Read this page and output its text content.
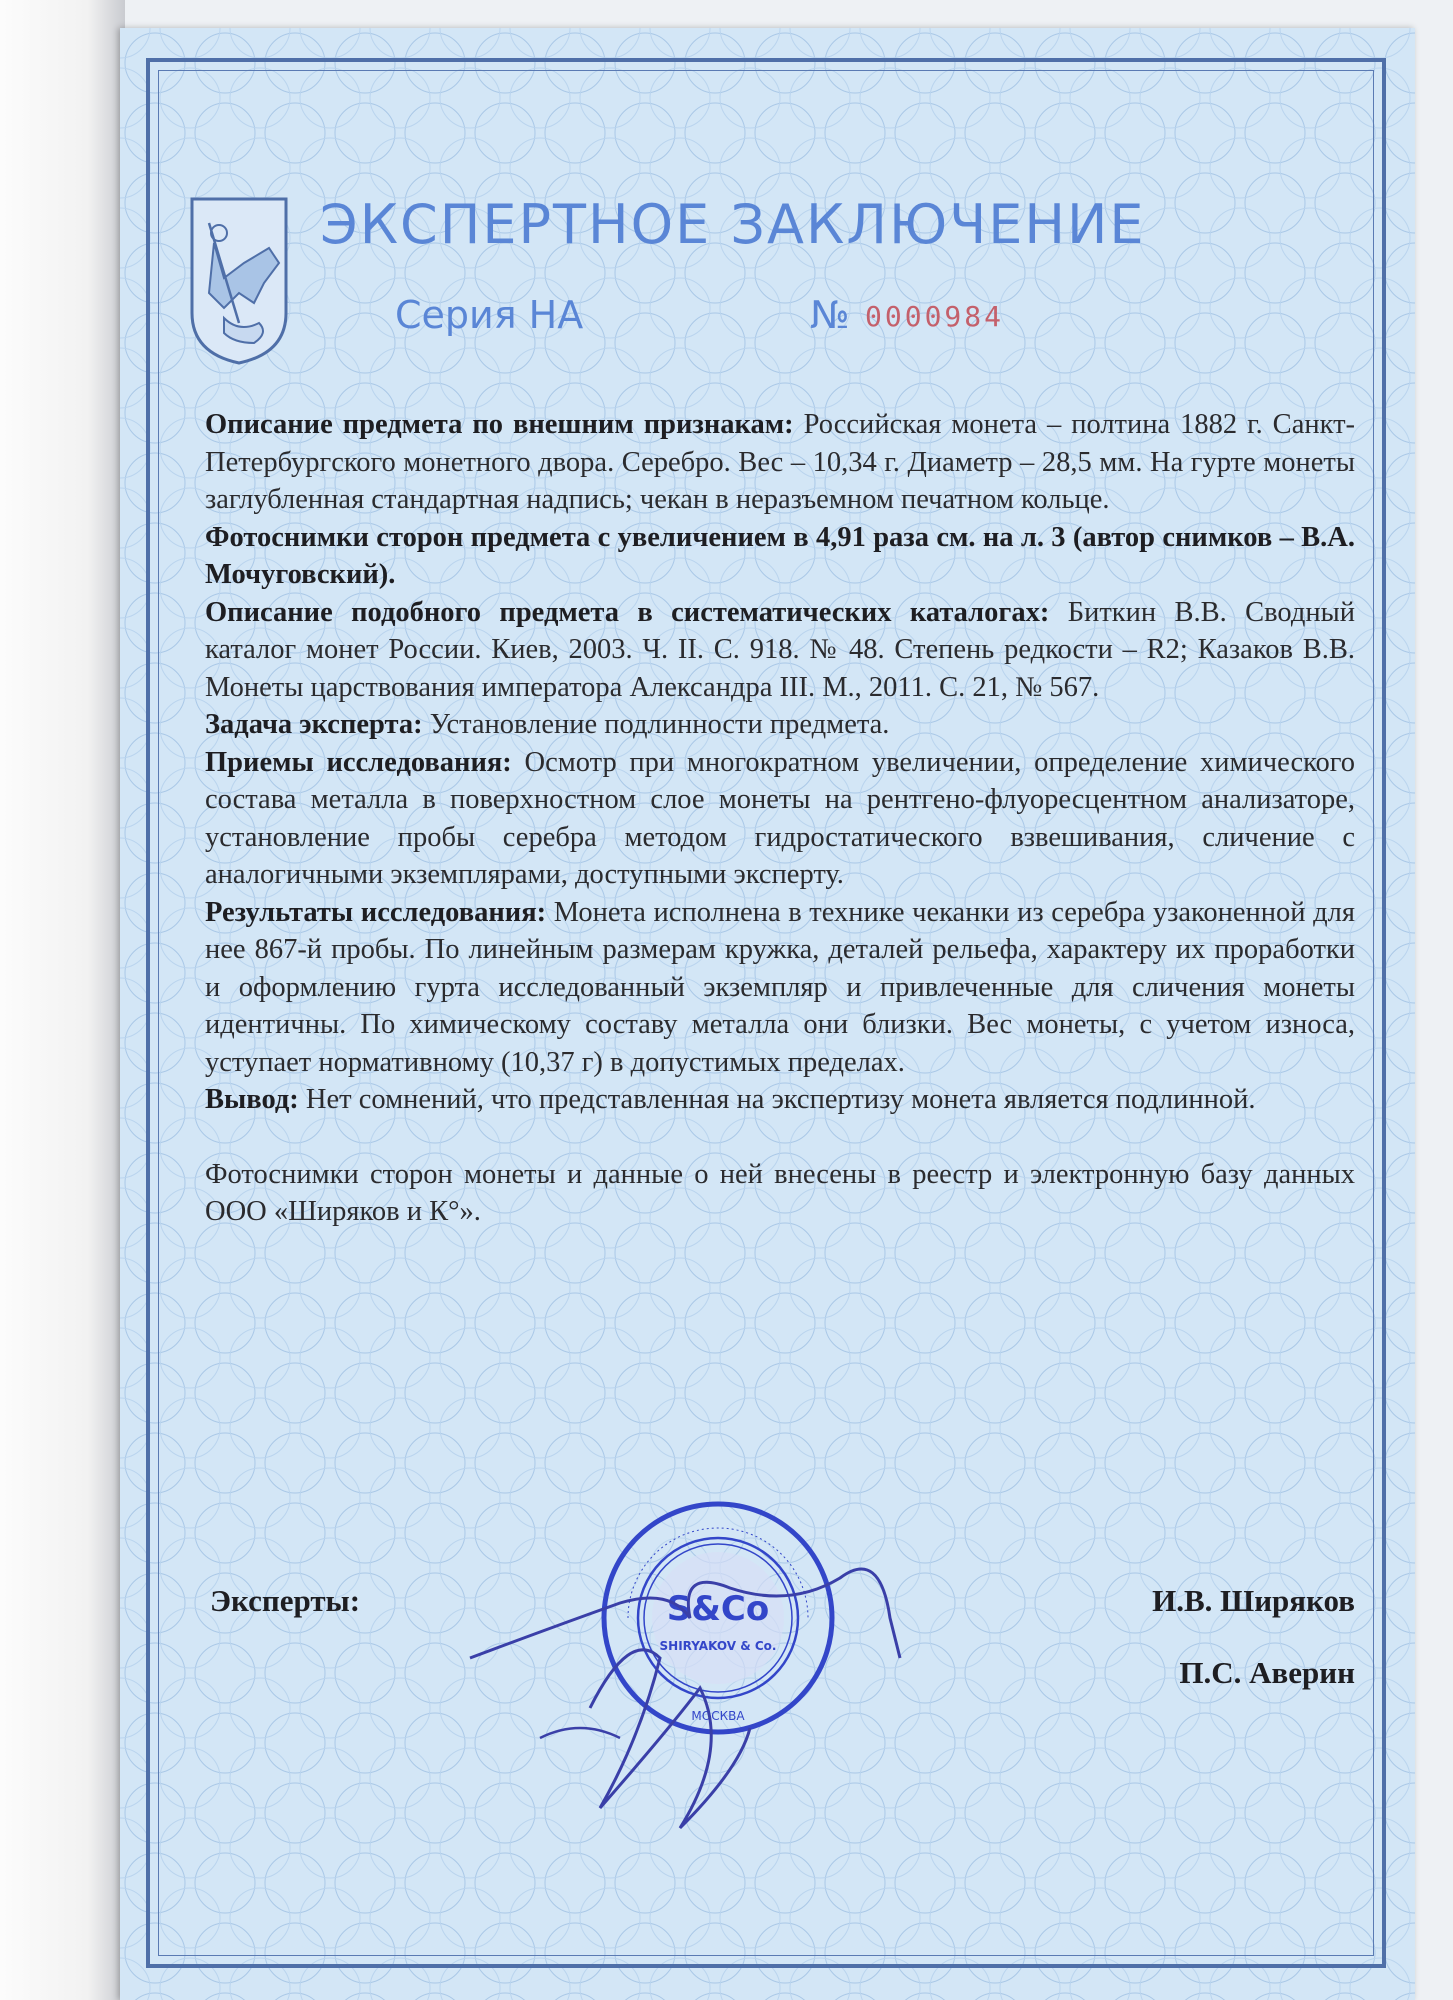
ЭКСПЕРТНОЕ ЗАКЛЮЧЕНИЕ
Серия НА	№ 0000984

Описание предмета по внешним признакам: Российская монета – полтина 1882 г. Санкт-Петербургского монетного двора. Серебро. Вес – 10,34 г. Диаметр – 28,5 мм. На гурте монеты заглубленная стандартная надпись; чекан в неразъемном печатном кольце.

Фотоснимки сторон предмета с увеличением в 4,91 раза см. на л. 3 (автор снимков – В.А. Мочуговский).

Описание подобного предмета в систематических каталогах: Биткин В.В. Сводный каталог монет России. Киев, 2003. Ч. II. С. 918. № 48. Степень редкости – R2; Казаков В.В. Монеты царствования императора Александра III. М., 2011. С. 21, № 567.

Задача эксперта: Установление подлинности предмета.

Приемы исследования: Осмотр при многократном увеличении, определение химического состава металла в поверхностном слое монеты на рентгено-флуоресцентном анализаторе, установление пробы серебра методом гидростатического взвешивания, сличение с аналогичными экземплярами, доступными эксперту.

Результаты исследования: Монета исполнена в технике чеканки из серебра узаконенной для нее 867-й пробы. По линейным размерам кружка, деталей рельефа, характеру их проработки и оформлению гурта исследованный экземпляр и привлеченные для сличения монеты идентичны. По химическому составу металла они близки. Вес монеты, с учетом износа, уступает нормативному (10,37 г) в допустимых пределах.

Вывод: Нет сомнений, что представленная на экспертизу монета является подлинной.

Фотоснимки сторон монеты и данные о ней внесены в реестр и электронную базу данных ООО «Ширяков и К°».

Эксперты:	И.В. Ширяков
П.С. Аверин
S&Co
SHIRYAKOV & Co.
МОСКВА
